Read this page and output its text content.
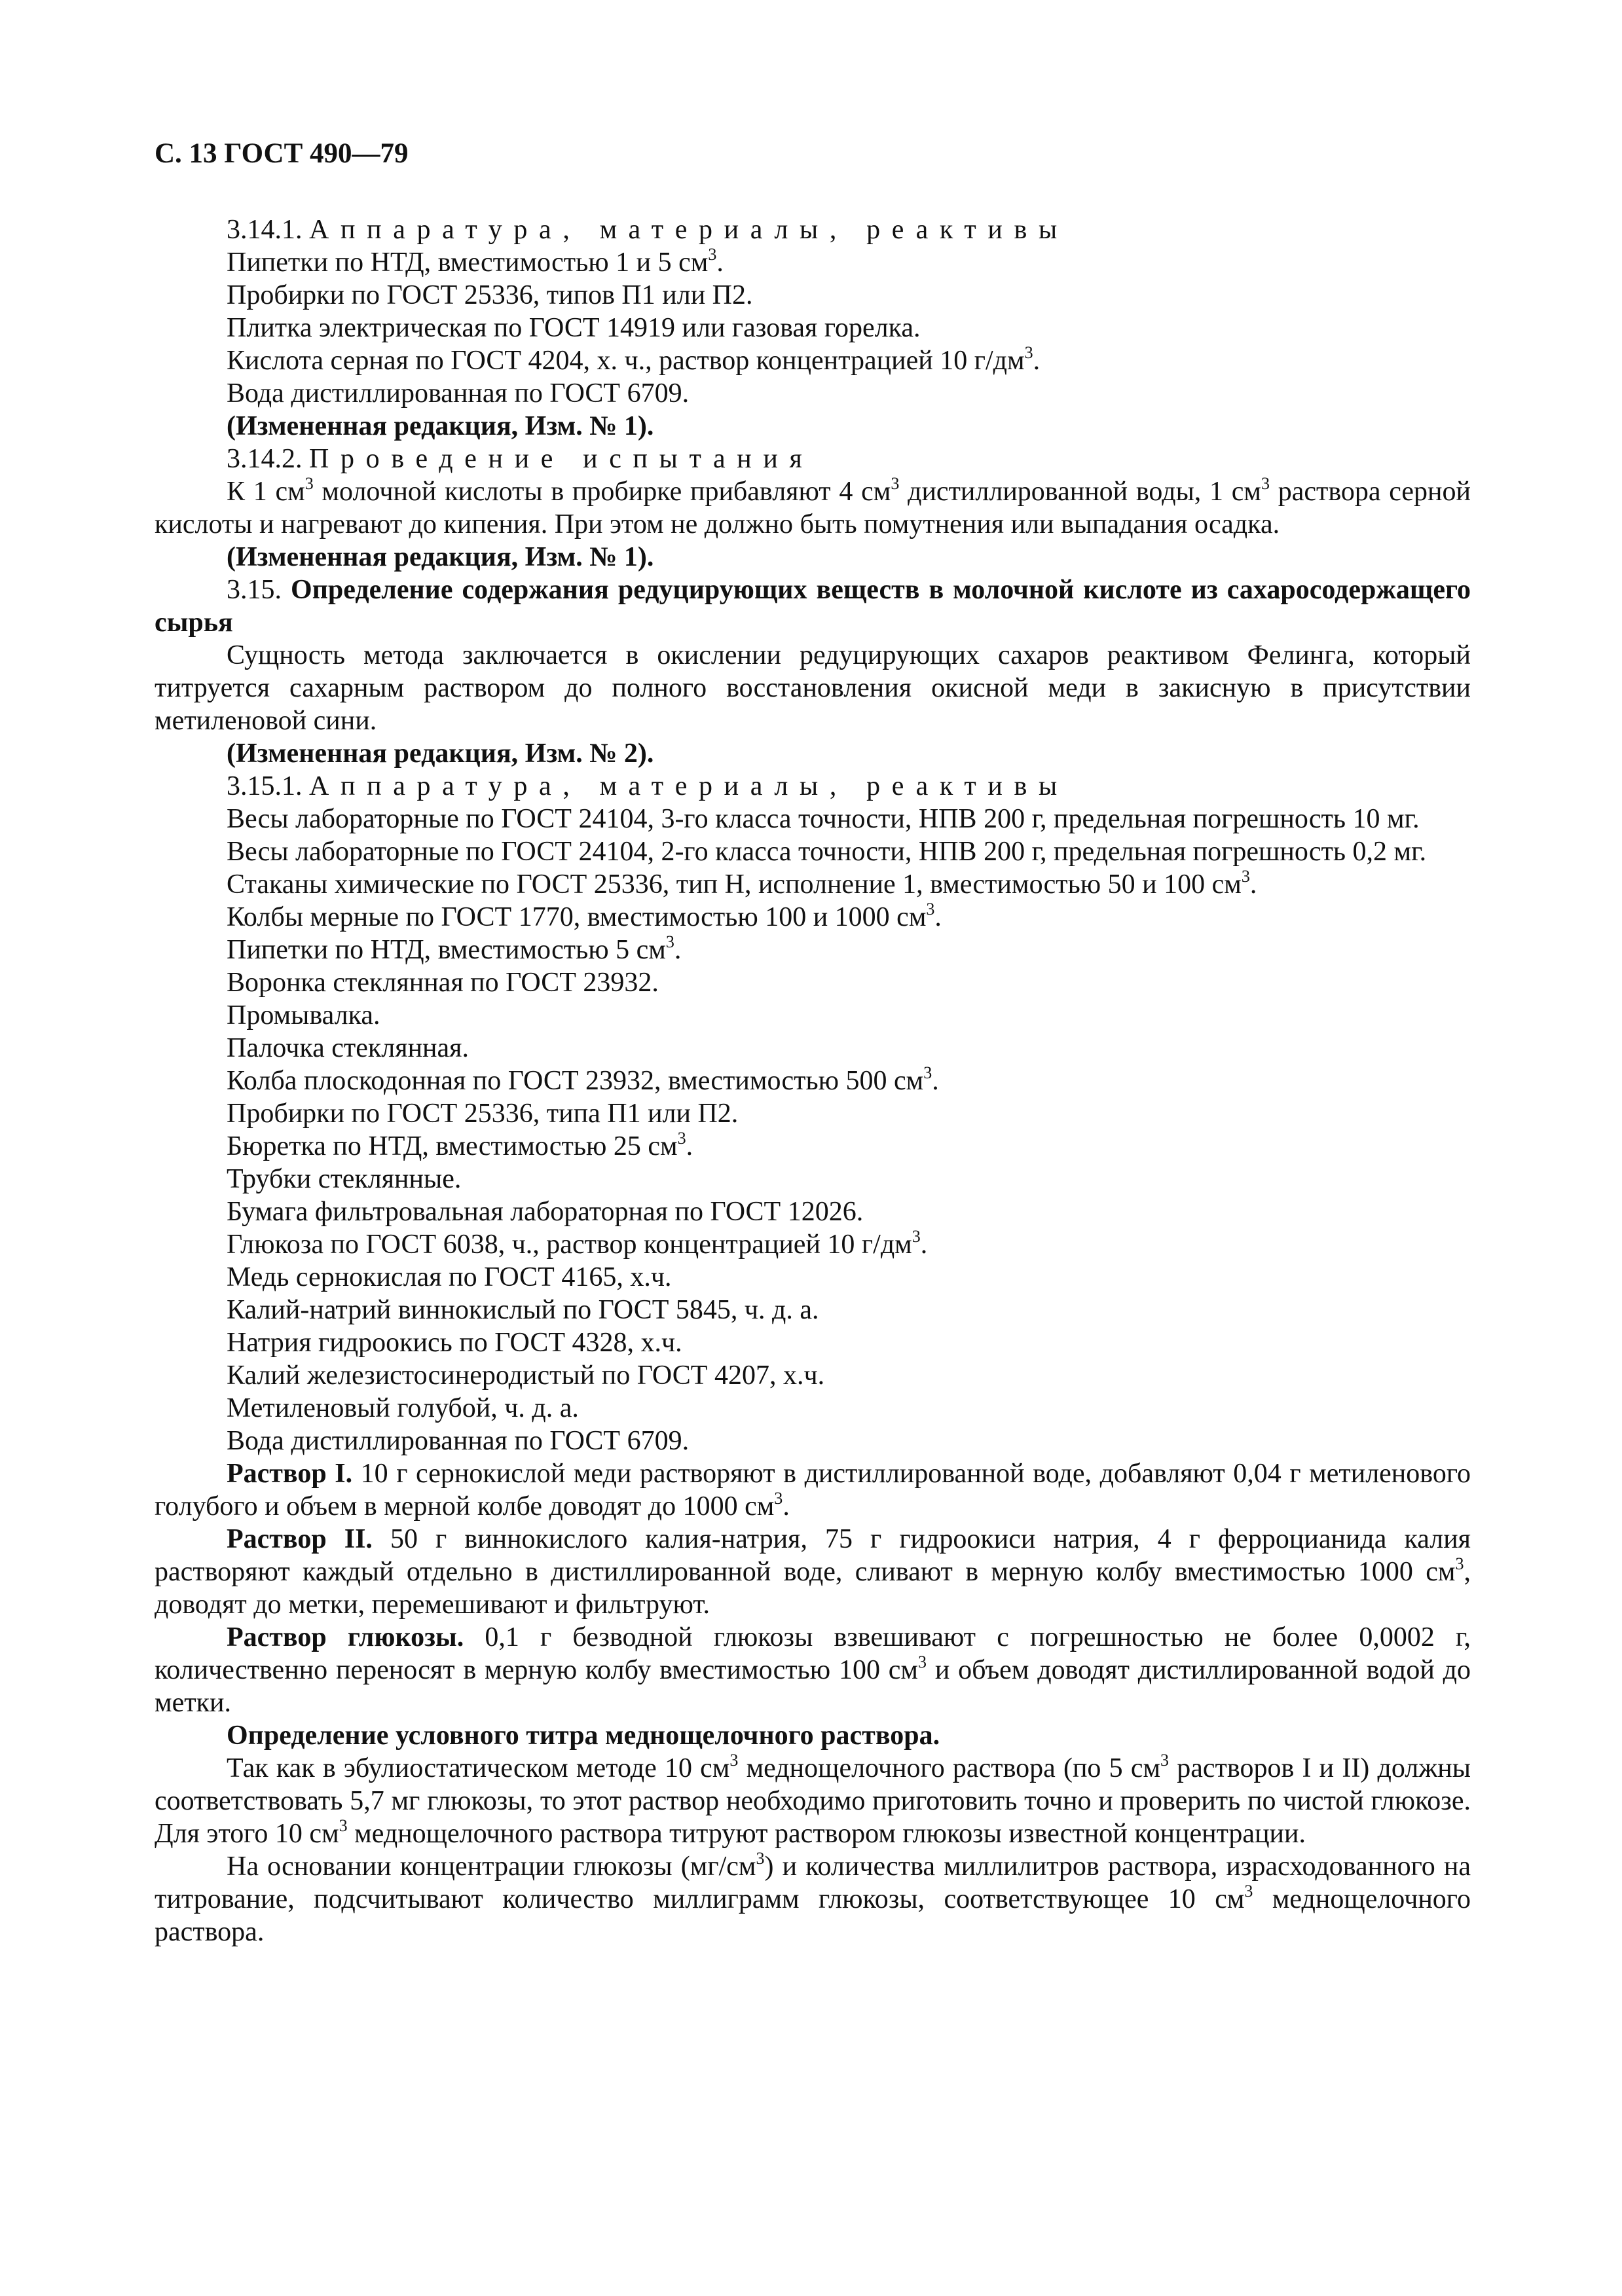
С. 13 ГОСТ 490—79

3.14.1. Аппаратура, материалы, реактивы

Пипетки по НТД, вместимостью 1 и 5 $см^3$.

Пробирки по ГОСТ 25336, типов П1 или П2.

Плитка электрическая по ГОСТ 14919 или газовая горелка.

Кислота серная по ГОСТ 4204, х. ч., раствор концентрацией 10 $г/дм^3$.

Вода дистиллированная по ГОСТ 6709.

(Измененная редакция, Изм. № 1).

3.14.2. Проведение испытания

К 1 $см^3$ молочной кислоты в пробирке прибавляют 4 $см^3$ дистиллированной воды, 1 $см^3$ раствора серной кислоты и нагревают до кипения. При этом не должно быть помутнения или выпадания осадка.

(Измененная редакция, Изм. № 1).

3.15. Определение содержания редуцирующих веществ в молочной кислоте из сахаросодержащего сырья

Сущность метода заключается в окислении редуцирующих сахаров реактивом Фелинга, который титруется сахарным раствором до полного восстановления окисной меди в закисную в присутствии метиленовой сини.

(Измененная редакция, Изм. № 2).

3.15.1. Аппаратура, материалы, реактивы

Весы лабораторные по ГОСТ 24104, 3-го класса точности, НПВ 200 г, предельная погрешность 10 мг.

Весы лабораторные по ГОСТ 24104, 2-го класса точности, НПВ 200 г, предельная погрешность 0,2 мг.

Стаканы химические по ГОСТ 25336, тип Н, исполнение 1, вместимостью 50 и 100 $см^3$.

Колбы мерные по ГОСТ 1770, вместимостью 100 и 1000 $см^3$.

Пипетки по НТД, вместимостью 5 $см^3$.

Воронка стеклянная по ГОСТ 23932.

Промывалка.

Палочка стеклянная.

Колба плоскодонная по ГОСТ 23932, вместимостью 500 $см^3$.

Пробирки по ГОСТ 25336, типа П1 или П2.

Бюретка по НТД, вместимостью 25 $см^3$.

Трубки стеклянные.

Бумага фильтровальная лабораторная по ГОСТ 12026.

Глюкоза по ГОСТ 6038, ч., раствор концентрацией 10 $г/дм^3$.

Медь сернокислая по ГОСТ 4165, х.ч.

Калий-натрий виннокислый по ГОСТ 5845, ч. д. а.

Натрия гидроокись по ГОСТ 4328, х.ч.

Калий железистосинеродистый по ГОСТ 4207, х.ч.

Метиленовый голубой, ч. д. а.

Вода дистиллированная по ГОСТ 6709.

Раствор I. 10 г сернокислой меди растворяют в дистиллированной воде, добавляют 0,04 г метиленового голубого и объем в мерной колбе доводят до 1000 $см^3$.

Раствор II. 50 г виннокислого калия-натрия, 75 г гидроокиси натрия, 4 г ферроцианида калия растворяют каждый отдельно в дистиллированной воде, сливают в мерную колбу вместимостью 1000 $см^3$, доводят до метки, перемешивают и фильтруют.

Раствор глюкозы. 0,1 г безводной глюкозы взвешивают с погрешностью не более 0,0002 г, количественно переносят в мерную колбу вместимостью 100 $см^3$ и объем доводят дистиллированной водой до метки.

Определение условного титра меднощелочного раствора.

Так как в эбулиостатическом методе 10 $см^3$ меднощелочного раствора (по 5 $см^3$ растворов I и II) должны соответствовать 5,7 мг глюкозы, то этот раствор необходимо приготовить точно и проверить по чистой глюкозе. Для этого 10 $см^3$ меднощелочного раствора титруют раствором глюкозы известной концентрации.

На основании концентрации глюкозы $(мг/см^3)$ и количества миллилитров раствора, израсходованного на титрование, подсчитывают количество миллиграмм глюкозы, соответствующее 10 $см^3$ меднощелочного раствора.
